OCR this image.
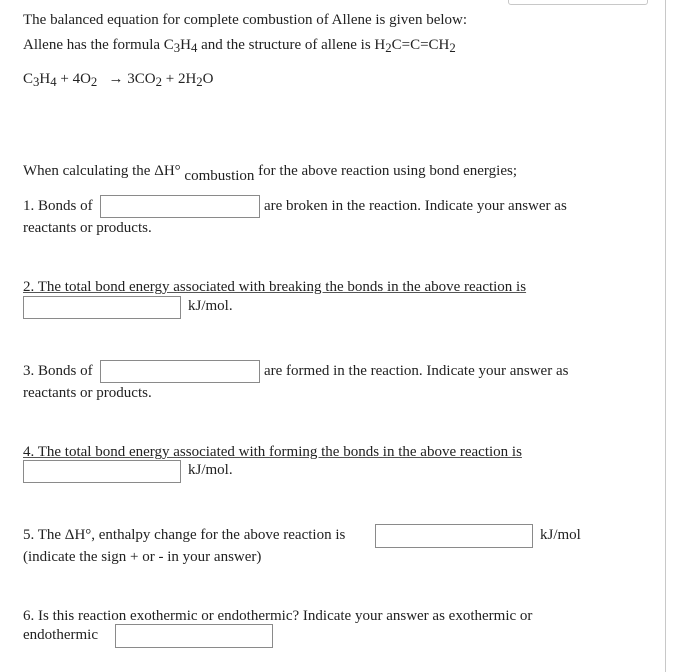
The balanced equation for complete combustion of Allene is given below:
Allene has the formula $C_3H_4$ and the structure of allene is $H_2C=C=CH_2$
$C_3H_4 + 4O_2 \to 3CO_2 + 2H_2O$
When calculating the ΔH° combustion for the above reaction using bond energies;
1. Bonds of	are broken in the reaction. Indicate your answer as
reactants or products.
2. The total bond energy associated with breaking the bonds in the above reaction is
kJ/mol.
3. Bonds of	are formed in the reaction. Indicate your answer as
reactants or products.
4. The total bond energy associated with forming the bonds in the above reaction is
kJ/mol.
5. The ΔH°, enthalpy change for the above reaction is	kJ/mol
(indicate the sign + or - in your answer)
6. Is this reaction exothermic or endothermic? Indicate your answer as exothermic or
endothermic
